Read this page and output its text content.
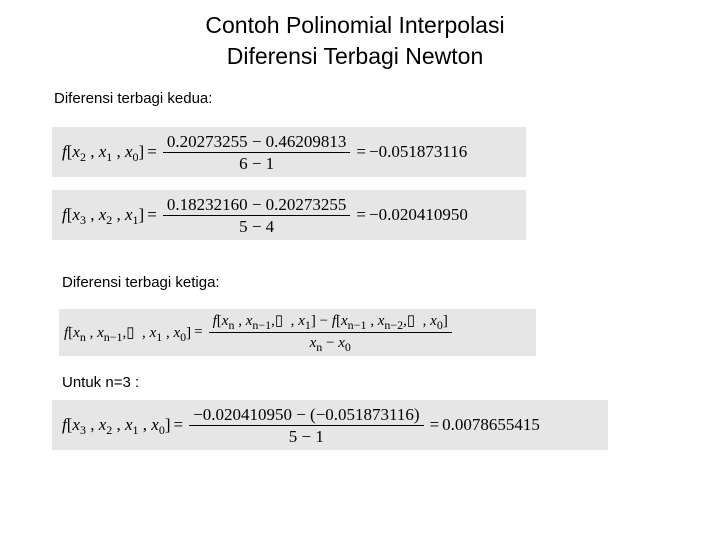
Contoh Polinomial Interpolasi
Diferensi Terbagi Newton
Diferensi terbagi kedua:
f [$x_2$ , $x_1$ , $x_0] = \frac{0.20273255 - 0.46209813}{6 - 1} = -0.051873116$
f [$x_3$ , $x_2$ , $x_1] = \frac{0.18232160 - 0.20273255}{5 - 4} = -0.020410950$
Diferensi terbagi ketiga:
$f[x_n$ , $x_{n-1},▯$  , $x_1$ , $x_0] = \frac{f[x_n , x_{n-1},▯ , x_1] - f[x_{n-1} , x_{n-2},▯ , x_0]}{x_n - x_0}$
Untuk n=3 :
f [$x_3$ , $x_2$ , $x_1$ , $x_0] = \frac{-0.020410950 - (-0.051873116)}{5 - 1} = 0.0078655415$
